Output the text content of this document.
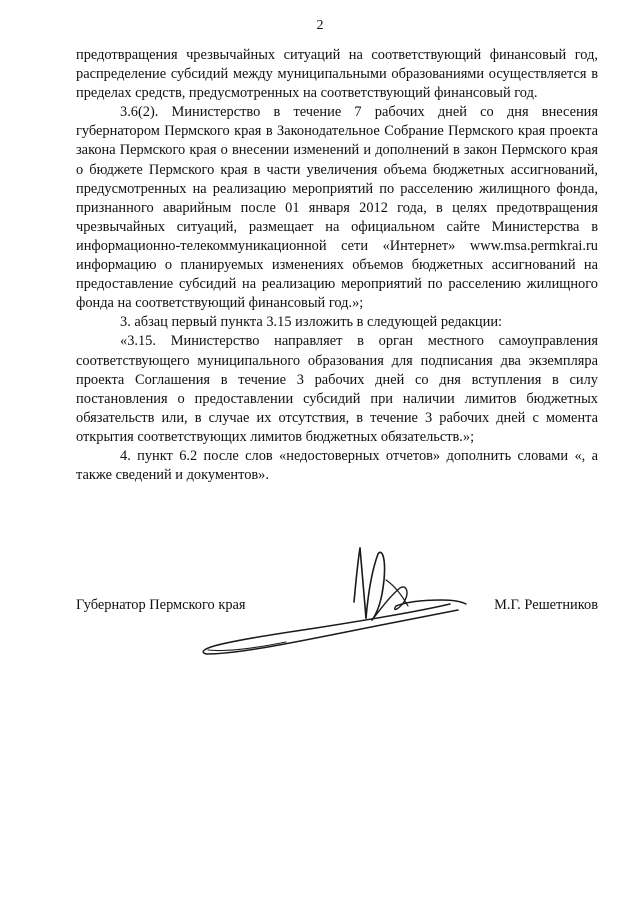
2

предотвращения чрезвычайных ситуаций на соответствующий финансовый год, распределение субсидий между муниципальными образованиями осуществляется в пределах средств, предусмотренных на соответствующий финансовый год.

3.6(2). Министерство в течение 7 рабочих дней со дня внесения губернатором Пермского края в Законодательное Собрание Пермского края проекта закона Пермского края о внесении изменений и дополнений в закон Пермского края о бюджете Пермского края в части увеличения объема бюджетных ассигнований, предусмотренных на реализацию мероприятий по расселению жилищного фонда, признанного аварийным после 01 января 2012 года, в целях предотвращения чрезвычайных ситуаций, размещает на официальном сайте Министерства в информационно-телекоммуникационной сети «Интернет» www.msa.permkrai.ru информацию о планируемых изменениях объемов бюджетных ассигнований на предоставление субсидий на реализацию мероприятий по расселению жилищного фонда на соответствующий финансовый год.»;

3. абзац первый пункта 3.15 изложить в следующей редакции:

«3.15. Министерство направляет в орган местного самоуправления соответствующего муниципального образования для подписания два экземпляра проекта Соглашения в течение 3 рабочих дней со дня вступления в силу постановления о предоставлении субсидий при наличии лимитов бюджетных обязательств или, в случае их отсутствия, в течение 3 рабочих дней с момента открытия соответствующих лимитов бюджетных обязательств.»;

4. пункт 6.2 после слов «недостоверных отчетов» дополнить словами «, а также сведений и документов».

Губернатор Пермского края	М.Г. Решетников
